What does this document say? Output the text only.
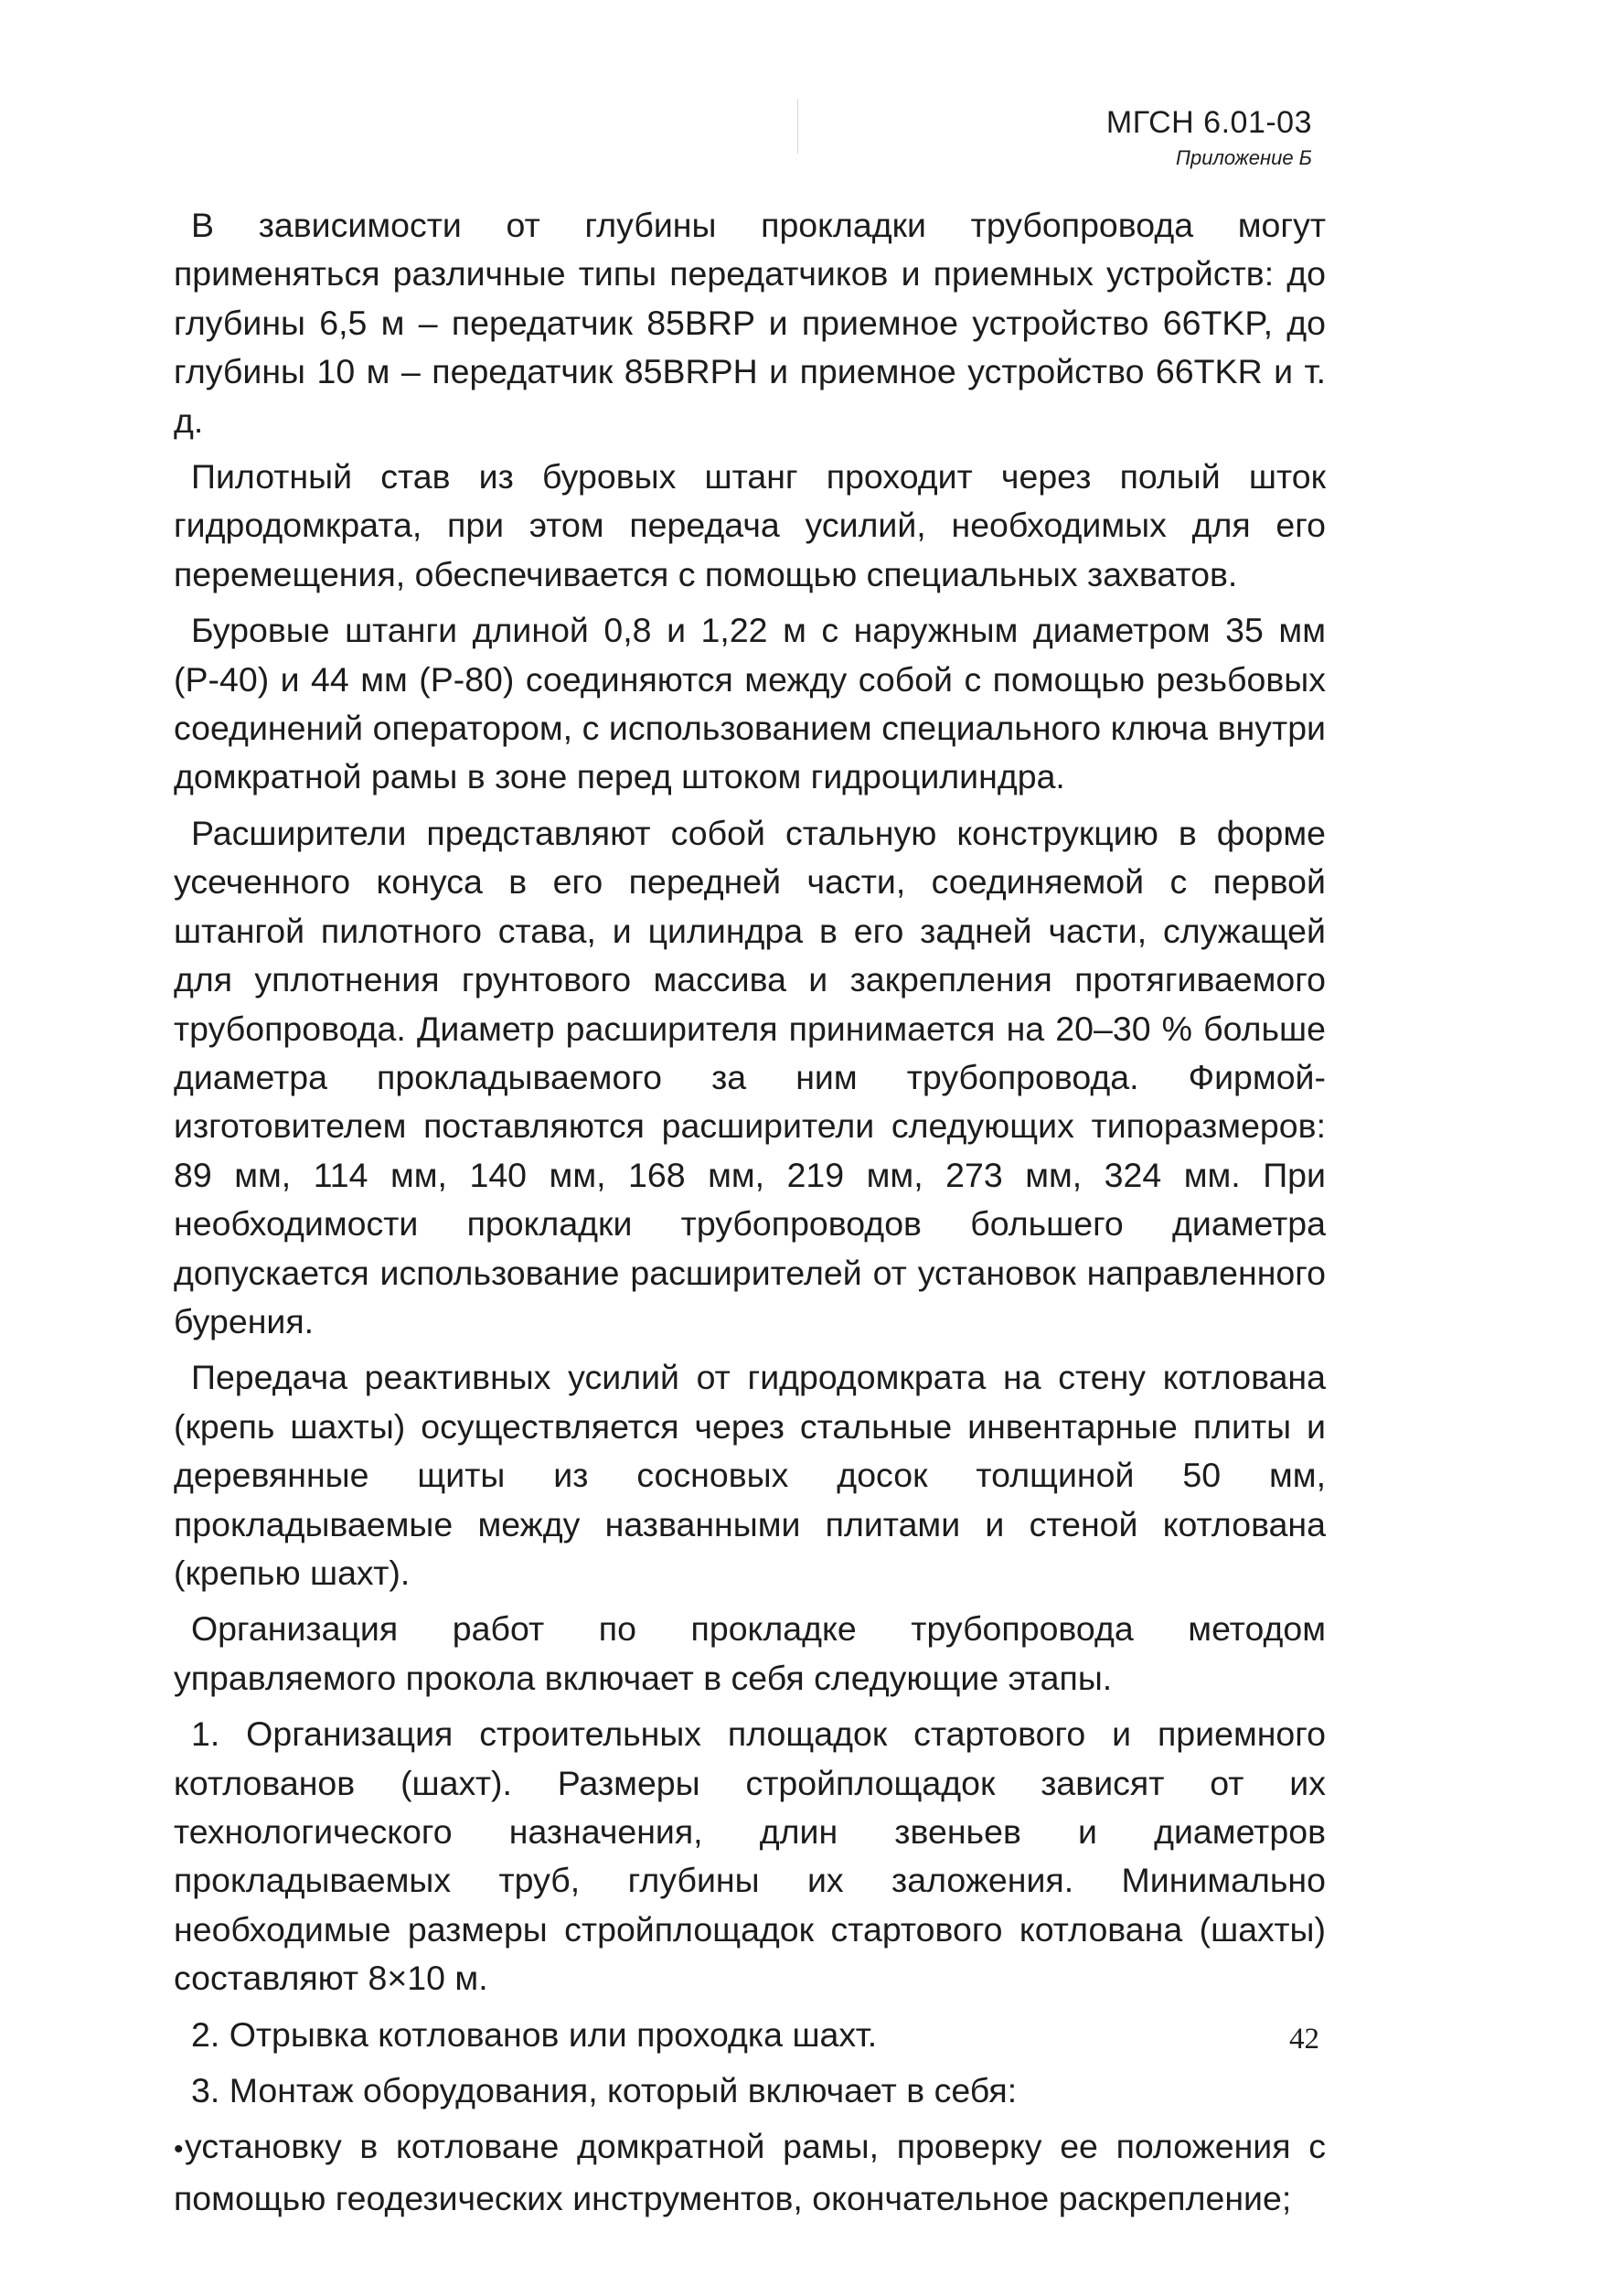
МГСН 6.01-03
Приложение Б

В зависимости от глубины прокладки трубопровода могут применяться различные типы передатчиков и приемных устройств: до глубины 6,5 м – передатчик 85BRP и приемное устройство 66TKP, до глубины 10 м – передатчик 85BRPH и приемное устройство 66TKR и т. д.

Пилотный став из буровых штанг проходит через полый шток гидродомкрата, при этом передача усилий, необходимых для его перемещения, обеспечивается с помощью специальных захватов.

Буровые штанги длиной 0,8 и 1,22 м с наружным диаметром 35 мм (Р-40) и 44 мм (Р-80) соединяются между собой с помощью резьбовых соединений оператором, с использованием специального ключа внутри домкратной рамы в зоне перед штоком гидроцилиндра.

Расширители представляют собой стальную конструкцию в форме усеченного конуса в его передней части, соединяемой с первой штангой пилотного става, и цилиндра в его задней части, служащей для уплотнения грунтового массива и закрепления протягиваемого трубопровода. Диаметр расширителя принимается на 20–30 % больше диаметра прокладываемого за ним трубопровода. Фирмой-изготовителем поставляются расширители следующих типоразмеров: 89 мм, 114 мм, 140 мм, 168 мм, 219 мм, 273 мм, 324 мм. При необходимости прокладки трубопроводов большего диаметра допускается использование расширителей от установок направленного бурения.

Передача реактивных усилий от гидродомкрата на стену котлована (крепь шахты) осуществляется через стальные инвентарные плиты и деревянные щиты из сосновых досок толщиной 50 мм, прокладываемые между названными плитами и стеной котлована (крепью шахт).

Организация работ по прокладке трубопровода методом управляемого прокола включает в себя следующие этапы.

1. Организация строительных площадок стартового и приемного котлованов (шахт). Размеры стройплощадок зависят от их технологического назначения, длин звеньев и диаметров прокладываемых труб, глубины их заложения. Минимально необходимые размеры стройплощадок стартового котлована (шахты) составляют 8×10 м.

2. Отрывка котлованов или проходка шахт.

3. Монтаж оборудования, который включает в себя:

•установку в котловане домкратной рамы, проверку ее положения с помощью геодезических инструментов, окончательное раскрепление;

42
